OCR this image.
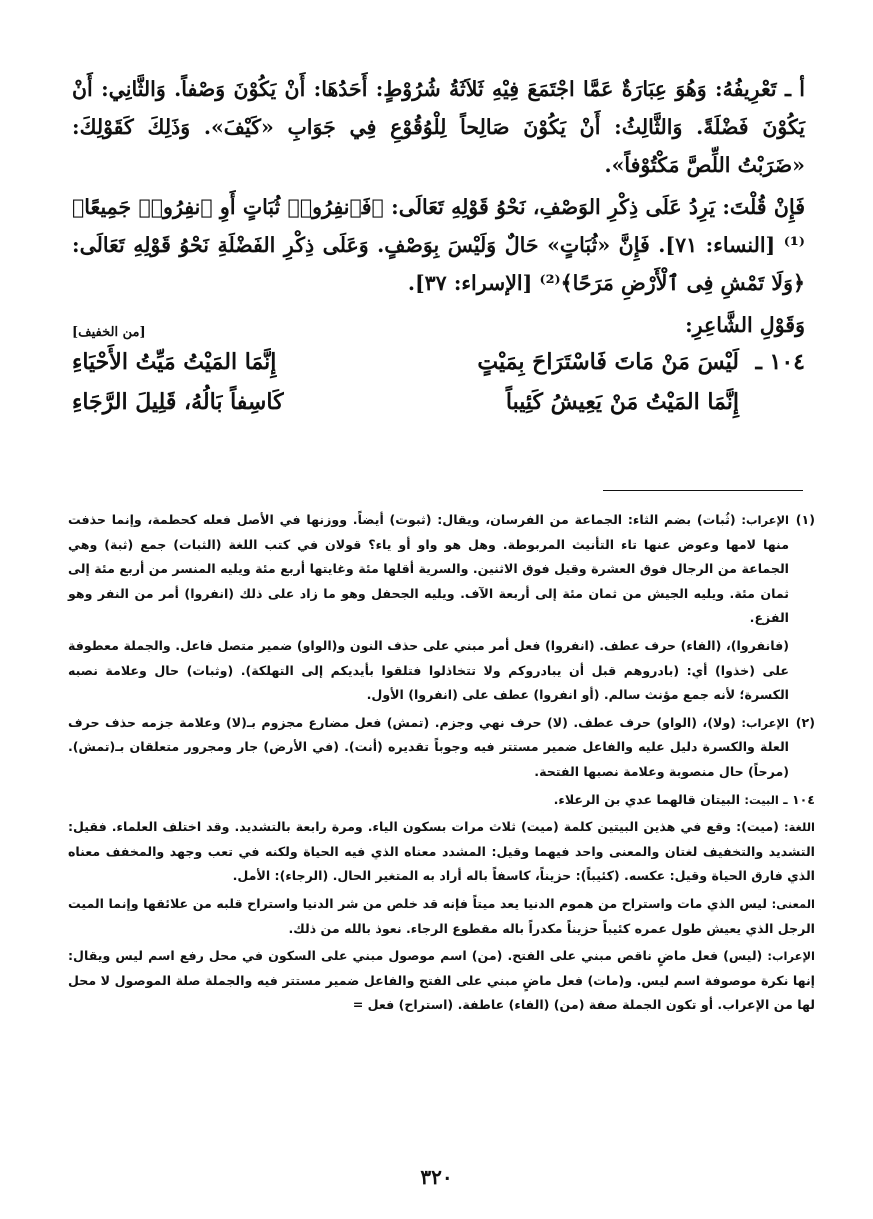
أ ـ تَعْرِيفُهُ: وَهُوَ عِبَارَةٌ عَمَّا اجْتَمَعَ فِيْهِ ثَلاَثَةُ شُرُوْطٍ: أَحَدُهَا: أَنْ يَكُوْنَ وَصْفاً. وَالثَّانِي: أَنْ يَكُوْنَ فَضْلَةً. وَالثَّالِثُ: أَنْ يَكُوْنَ صَالِحاً لِلْوُقُوْعِ فِي جَوَابِ «كَيْفَ». وَذَلِكَ كَقَوْلِكَ: «ضَرَبْتُ اللِّصَّ مَكْتُوْفاً».

فَإِنْ قُلْتَ: يَرِدُ عَلَى ذِكْرِ الوَصْفِ، نَحْوُ قَوْلِهِ تَعَالَى: ﴿فَٱنفِرُوا۟ ثُبَاتٍ أَوِ ٱنفِرُوا۟ جَمِيعًا﴾⁽¹⁾ [النساء: ٧١]. فَإِنَّ «ثُبَاتٍ» حَالٌ وَلَيْسَ بِوَصْفٍ. وَعَلَى ذِكْرِ الفَضْلَةِ نَحْوُ قَوْلِهِ تَعَالَى: ﴿وَلَا تَمْشِ فِى ٱلْأَرْضِ مَرَحًا﴾⁽²⁾ [الإسراء: ٣٧].

وَقَوْلِ الشَّاعِرِ:
[من الخفيف]
١٠٤ ـ
لَيْسَ مَنْ مَاتَ فَاسْتَرَاحَ بِمَيْتٍ
إِنَّمَا المَيْتُ مَيِّتُ الأَحْيَاءِ
إِنَّمَا المَيْتُ مَنْ يَعِيشُ كَئِيباً
كَاسِفاً بَالُهُ، قَلِيلَ الرَّجَاءِ
(١)

الإعراب: (ثُبات) بضم الثاء: الجماعة من الفرسان، ويقال: (ثبوت) أيضاً. ووزنها في الأصل فعله كحطمة، وإنما حذفت منها لامها وعوض عنها تاء التأنيث المربوطة. وهل هو واو أو ياء؟ قولان في كتب اللغة (الثبات) جمع (ثبة) وهي الجماعة من الرجال فوق العشرة وقيل فوق الاثنين. والسرية أقلها مئة وغايتها أربع مئة ويليه المنسر من أربع مئة إلى ثمان مئة. ويليه الجيش من ثمان مئة إلى أربعة الآف. ويليه الجحفل وهو ما زاد على ذلك (انفروا) أمر من النفر وهو الفزع.

(فانفروا)، (الفاء) حرف عطف. (انفروا) فعل أمر مبني على حذف النون و(الواو) ضمير متصل فاعل. والجملة معطوفة على (خذوا) أي: (بادروهم قبل أن يبادروكم ولا تتخاذلوا فتلقوا بأيديكم إلى التهلكة). (وثبات) حال وعلامة نصبه الكسرة؛ لأنه جمع مؤنث سالم. (أو انفروا) عطف على (انفروا) الأول.

(٢)

الإعراب: (ولا)، (الواو) حرف عطف. (لا) حرف نهي وجزم. (تمش) فعل مضارع مجزوم بـ(لا) وعلامة جزمه حذف حرف العلة والكسرة دليل عليه والفاعل ضمير مستتر فيه وجوباً تقديره (أنت). (في الأرض) جار ومجرور متعلقان بـ(تمش). (مرحاً) حال منصوبة وعلامة نصبها الفتحة.

١٠٤ ـ البيت: البيتان قالهما عدي بن الرعلاء.

اللغة: (ميت): وقع في هذين البيتين كلمة (ميت) ثلاث مرات بسكون الياء. ومرة رابعة بالتشديد. وقد اختلف العلماء. فقيل: التشديد والتخفيف لغتان والمعنى واحد فيهما وقيل: المشدد معناه الذي فيه الحياة ولكنه في تعب وجهد والمخفف معناه الذي فارق الحياة وقيل: عكسه. (كئيباً): حزيناً، كاسفاً باله أراد به المتغير الحال. (الرجاء): الأمل.

المعنى: ليس الذي مات واستراح من هموم الدنيا يعد ميتاً فإنه قد خلص من شر الدنيا واستراح قلبه من علائقها وإنما الميت الرجل الذي يعيش طول عمره كئيباً حزيناً مكدراً باله مقطوع الرجاء. نعوذ بالله من ذلك.

الإعراب: (ليس) فعل ماضٍ ناقص مبني على الفتح. (من) اسم موصول مبني على السكون في محل رفع اسم ليس ويقال: إنها نكرة موصوفة اسم ليس. و(مات) فعل ماضٍ مبني على الفتح والفاعل ضمير مستتر فيه والجملة صلة الموصول لا محل لها من الإعراب. أو تكون الجملة صفة (من) (الفاء) عاطفة. (استراح) فعل =

٣٢٠
